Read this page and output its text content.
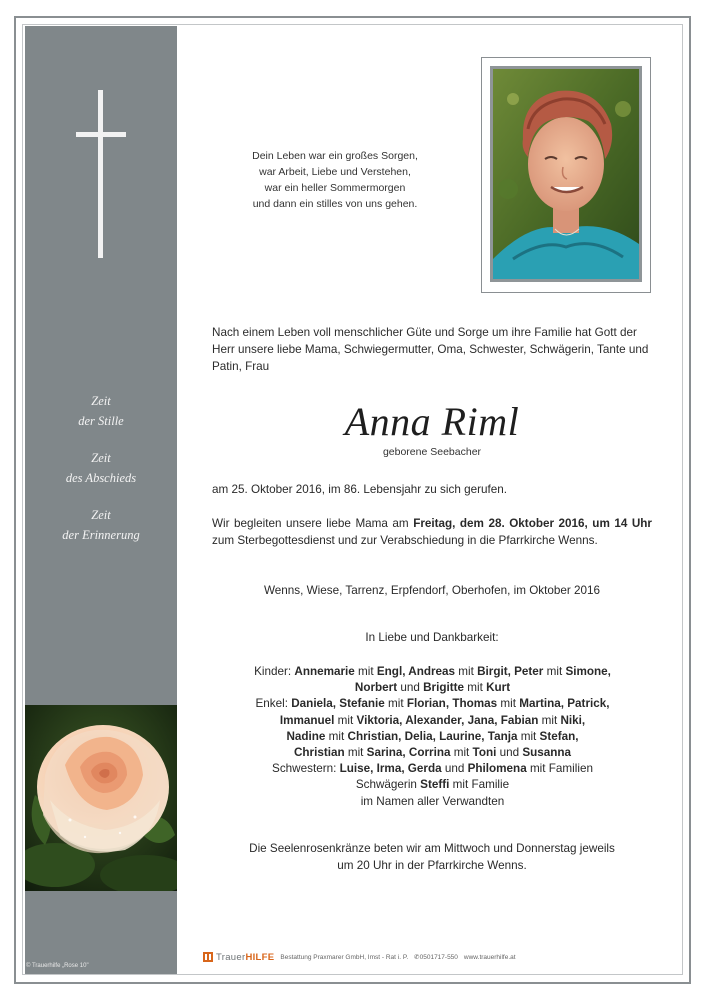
Zeit
der Stille
Zeit
des Abschieds
Zeit
der Erinnerung
© Trauerhilfe „Rose 10"
Dein Leben war ein großes Sorgen,
war Arbeit, Liebe und Verstehen,
war ein heller Sommermorgen
und dann ein stilles von uns gehen.
Nach einem Leben voll menschlicher Güte und Sorge um ihre Familie hat Gott der Herr unsere liebe Mama, Schwiegermutter, Oma, Schwester, Schwägerin, Tante und Patin, Frau
Anna Riml
geborene Seebacher
am 25. Oktober 2016, im 86. Lebensjahr zu sich gerufen.
Wir begleiten unsere liebe Mama am Freitag, dem 28. Oktober 2016, um 14 Uhr zum Sterbegottesdienst und zur Verabschiedung in die Pfarrkirche Wenns.
Wenns, Wiese, Tarrenz, Erpfendorf, Oberhofen, im Oktober 2016
In Liebe und Dankbarkeit:
Kinder: Annemarie mit Engl, Andreas mit Birgit, Peter mit Simone,
Norbert und Brigitte mit Kurt
Enkel: Daniela, Stefanie mit Florian, Thomas mit Martina, Patrick,
Immanuel mit Viktoria, Alexander, Jana, Fabian mit Niki,
Nadine mit Christian, Delia, Laurine, Tanja mit Stefan,
Christian mit Sarina, Corrina mit Toni und Susanna
Schwestern: Luise, Irma, Gerda und Philomena mit Familien
Schwägerin Steffi mit Familie
im Namen aller Verwandten
Die Seelenrosenkränze beten wir am Mittwoch und Donnerstag jeweils
um 20 Uhr in der Pfarrkirche Wenns.
TrauerHILFE Bestattung Praxmarer GmbH, Imst - Rat i. P. ✆0501717-550 www.trauerhilfe.at
